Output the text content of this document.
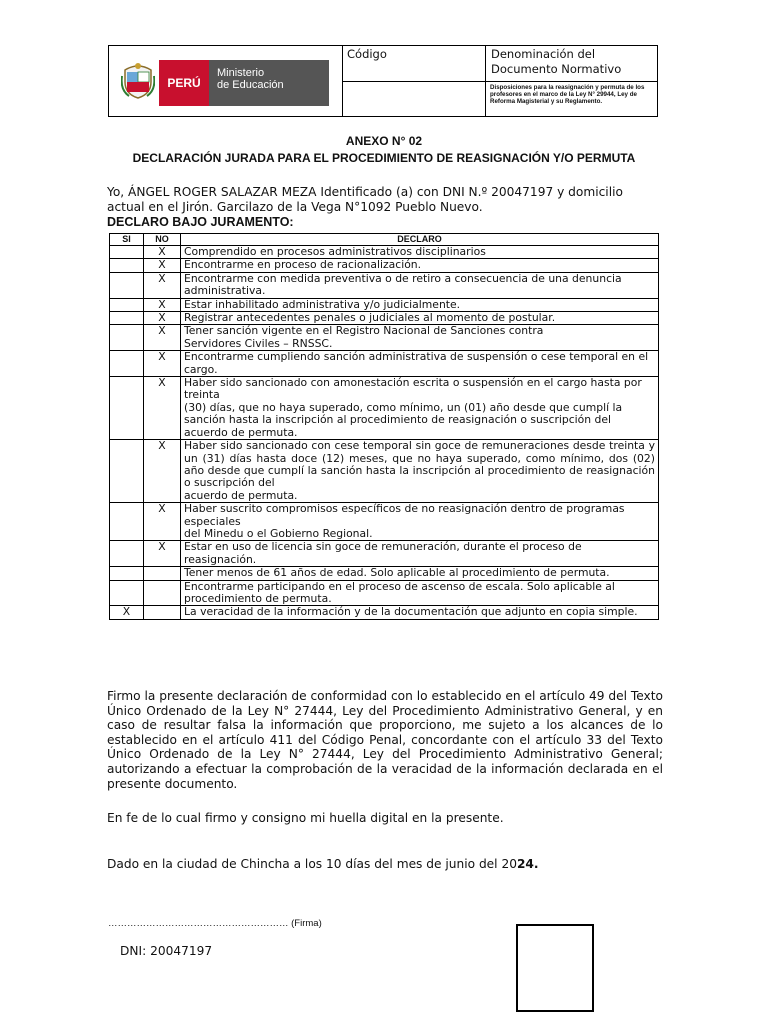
PERÚ
Ministerio
de Educación	Código	Denominación del Documento Normativo

		Disposiciones para la reasignación y permuta de los profesores en el marco de la Ley N° 29944, Ley de Reforma Magisterial y su Reglamento.
ANEXO N° 02
DECLARACIÓN JURADA PARA EL PROCEDIMIENTO DE REASIGNACIÓN Y/O PERMUTA
Yo, ÁNGEL ROGER SALAZAR MEZA Identificado (a) con DNI N.º 20047197 y domicilio actual en el Jirón. Garcilazo de la Vega N°1092 Pueblo Nuevo.
DECLARO BAJO JURAMENTO:
SI	NO	DECLARO
	X	Comprendido en procesos administrativos disciplinarios
	X	Encontrarme en proceso de racionalización.
	X	Encontrarme con medida preventiva o de retiro a consecuencia de una denuncia administrativa.
	X	Estar inhabilitado administrativa y/o judicialmente.
	X	Registrar antecedentes penales o judiciales al momento de postular.
	X	Tener sanción vigente en el Registro Nacional de Sanciones contra
Servidores Civiles – RNSSC.

	X	Encontrarme cumpliendo sanción administrativa de suspensión o cese temporal en el cargo.
	X	Haber sido sancionado con amonestación escrita o suspensión en el cargo hasta por treinta
(30) días, que no haya superado, como mínimo, un (01) año desde que cumplí la sanción hasta la inscripción al procedimiento de reasignación o suscripción del acuerdo de permuta.

	X	Haber sido sancionado con cese temporal sin goce de remuneraciones desde treinta y un (31) días hasta doce (12) meses, que no haya superado, como mínimo, dos (02) año desde que cumplí la sanción hasta la inscripción al procedimiento de reasignación o suscripción del
acuerdo de permuta.

	X	Haber suscrito compromisos específicos de no reasignación dentro de programas especiales
del Minedu o el Gobierno Regional.

	X	Estar en uso de licencia sin goce de remuneración, durante el proceso de reasignación.
		Tener menos de 61 años de edad. Solo aplicable al procedimiento de permuta.
		Encontrarme participando en el proceso de ascenso de escala. Solo aplicable al procedimiento de permuta.
X		La veracidad de la información y de la documentación que adjunto en copia simple.
Firmo la presente declaración de conformidad con lo establecido en el artículo 49 del Texto Único Ordenado de la Ley N° 27444, Ley del Procedimiento Administrativo General, y en caso de resultar falsa la información que proporciono, me sujeto a los alcances de lo establecido en el artículo 411 del Código Penal, concordante con el artículo 33 del Texto Único Ordenado de la Ley N° 27444, Ley del Procedimiento Administrativo General; autorizando a efectuar la comprobación de la veracidad de la información declarada en el presente documento.
En fe de lo cual firmo y consigno mi huella digital en la presente.
Dado en la ciudad de Chincha a los 10 días del mes de junio del 2024.
………………………………………………… (Firma)
DNI: 20047197
